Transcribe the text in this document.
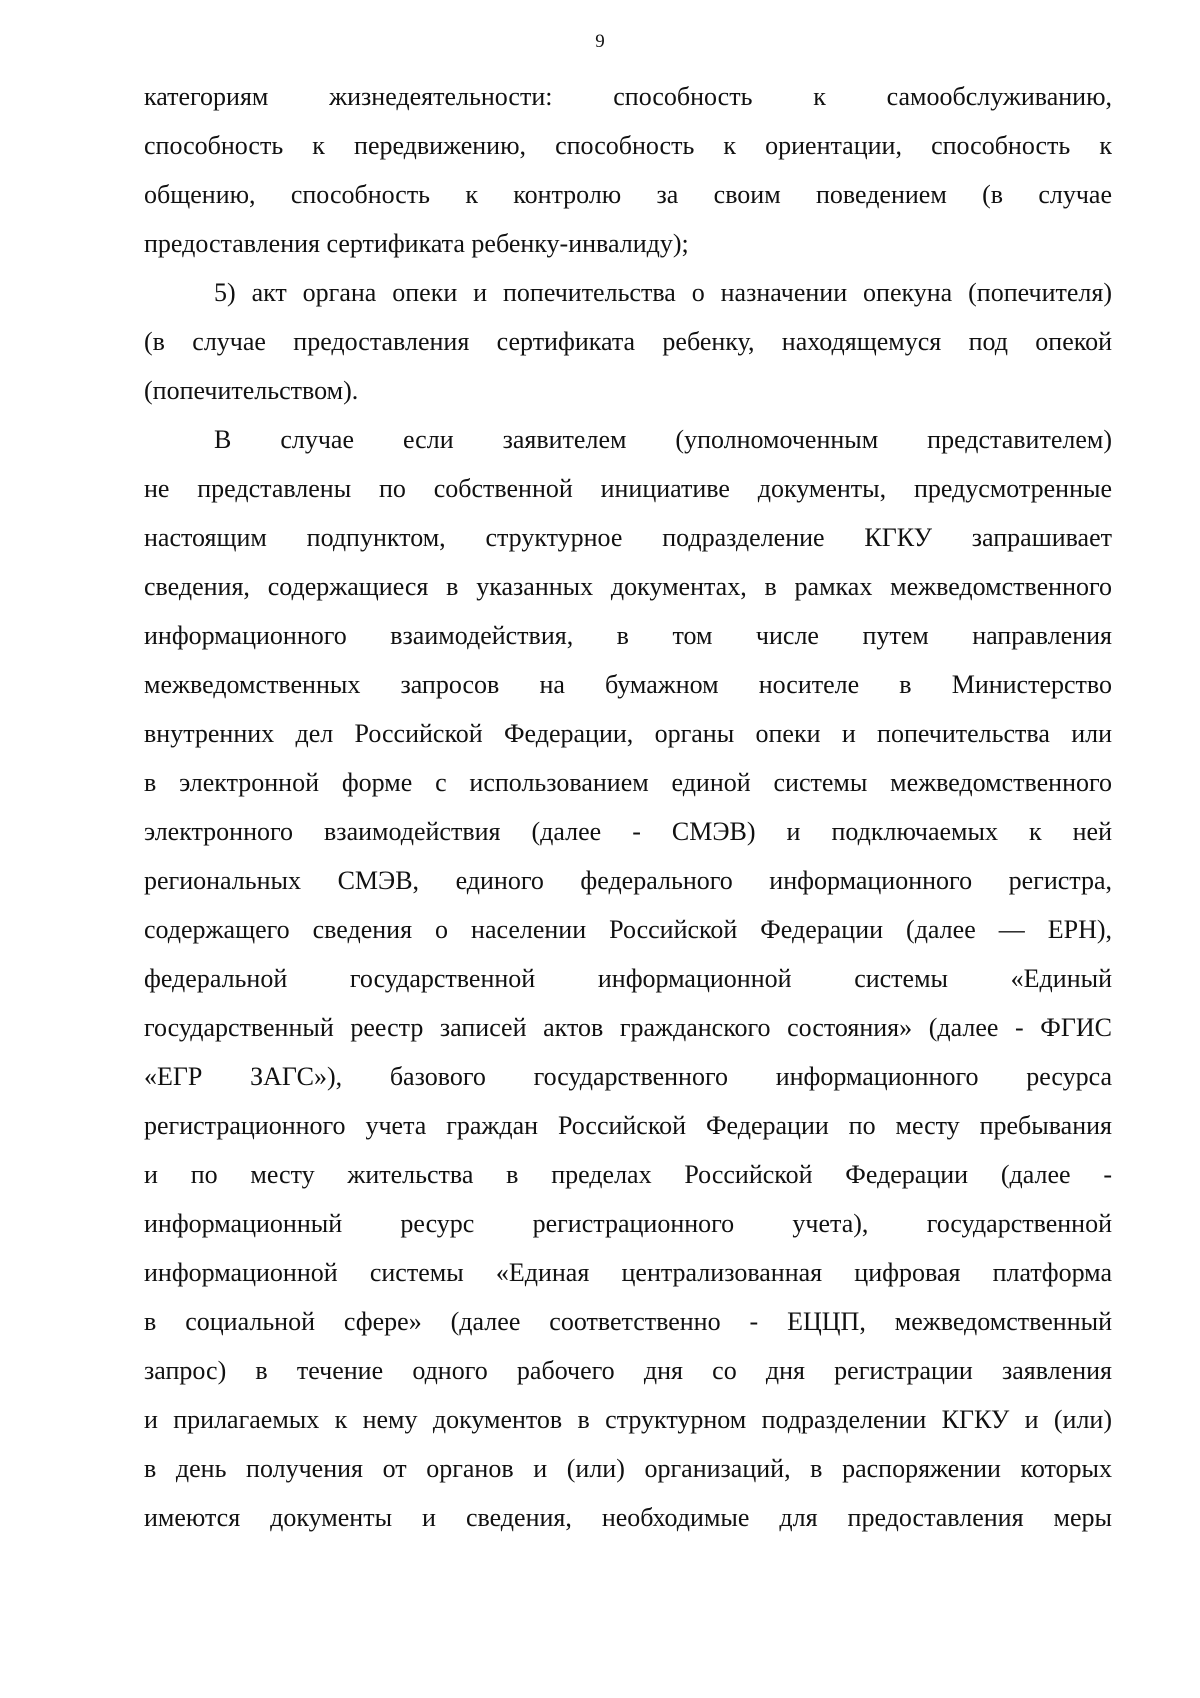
9
категориям жизнедеятельности: способность к самообслуживанию,
способность к передвижению, способность к ориентации, способность к
общению, способность к контролю за своим поведением (в случае
предоставления сертификата ребенку-инвалиду);
5) акт органа опеки и попечительства о назначении опекуна (попечителя)
(в случае предоставления сертификата ребенку, находящемуся под опекой
(попечительством).
В случае если заявителем (уполномоченным представителем)
не представлены по собственной инициативе документы, предусмотренные
настоящим подпунктом, структурное подразделение КГКУ запрашивает
сведения, содержащиеся в указанных документах, в рамках межведомственного
информационного взаимодействия, в том числе путем направления
межведомственных запросов на бумажном носителе в Министерство
внутренних дел Российской Федерации, органы опеки и попечительства или
в электронной форме с использованием единой системы межведомственного
электронного взаимодействия (далее - СМЭВ) и подключаемых к ней
региональных СМЭВ, единого федерального информационного регистра,
содержащего сведения о населении Российской Федерации (далее — ЕРН),
федеральной государственной информационной системы «Единый
государственный реестр записей актов гражданского состояния» (далее - ФГИС
«ЕГР ЗАГС»), базового государственного информационного ресурса
регистрационного учета граждан Российской Федерации по месту пребывания
и по месту жительства в пределах Российской Федерации (далее -
информационный ресурс регистрационного учета), государственной
информационной системы «Единая централизованная цифровая платформа
в социальной сфере» (далее соответственно - ЕЦЦП, межведомственный
запрос) в течение одного рабочего дня со дня регистрации заявления
и прилагаемых к нему документов в структурном подразделении КГКУ и (или)
в день получения от органов и (или) организаций, в распоряжении которых
имеются документы и сведения, необходимые для предоставления меры
